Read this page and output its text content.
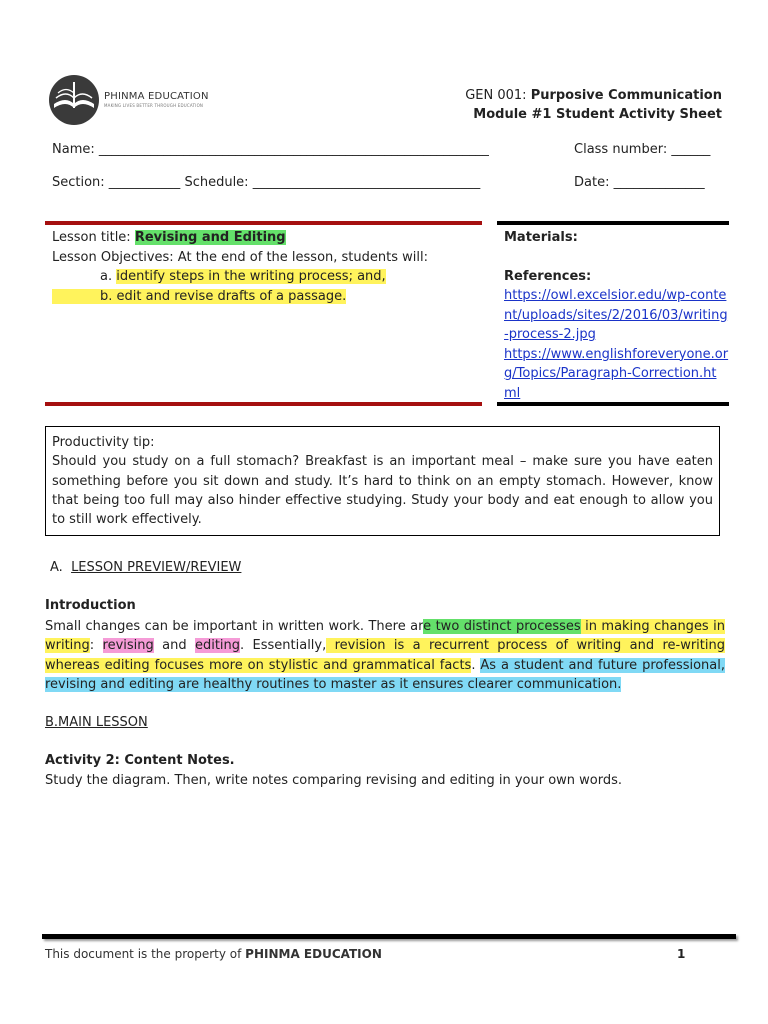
PHINMA EDUCATION
MAKING LIVES BETTER THROUGH EDUCATION
GEN 001: Purposive Communication
Module #1 Student Activity Sheet
Name: ____________________________________________________________	Class number: ______
Section: ___________ Schedule: ___________________________________	Date: ______________
Lesson title: Revising and Editing
Lesson Objectives: At the end of the lesson, students will:
a. identify steps in the writing process; and,
b. edit and revise drafts of a passage.
Materials:
References:
https://owl.excelsior.edu/wp-content/uploads/sites/2/2016/03/writing-process-2.jpg
https://www.englishforeveryone.org/Topics/Paragraph-Correction.html
Productivity tip:
Should you study on a full stomach? Breakfast is an important meal – make sure you have eaten something before you sit down and study. It’s hard to think on an empty stomach. However, know that being too full may also hinder effective studying. Study your body and eat enough to allow you to still work effectively.
A. LESSON PREVIEW/REVIEW
Introduction
Small changes can be important in written work. There are two distinct processes in making changes in writing: revising and editing. Essentially, revision is a recurrent process of writing and re-writing whereas editing focuses more on stylistic and grammatical facts. As a student and future professional, revising and editing are healthy routines to master as it ensures clearer communication.
B.MAIN LESSON
Activity 2: Content Notes.
Study the diagram. Then, write notes comparing revising and editing in your own words.
This document is the property of PHINMA EDUCATION	1
